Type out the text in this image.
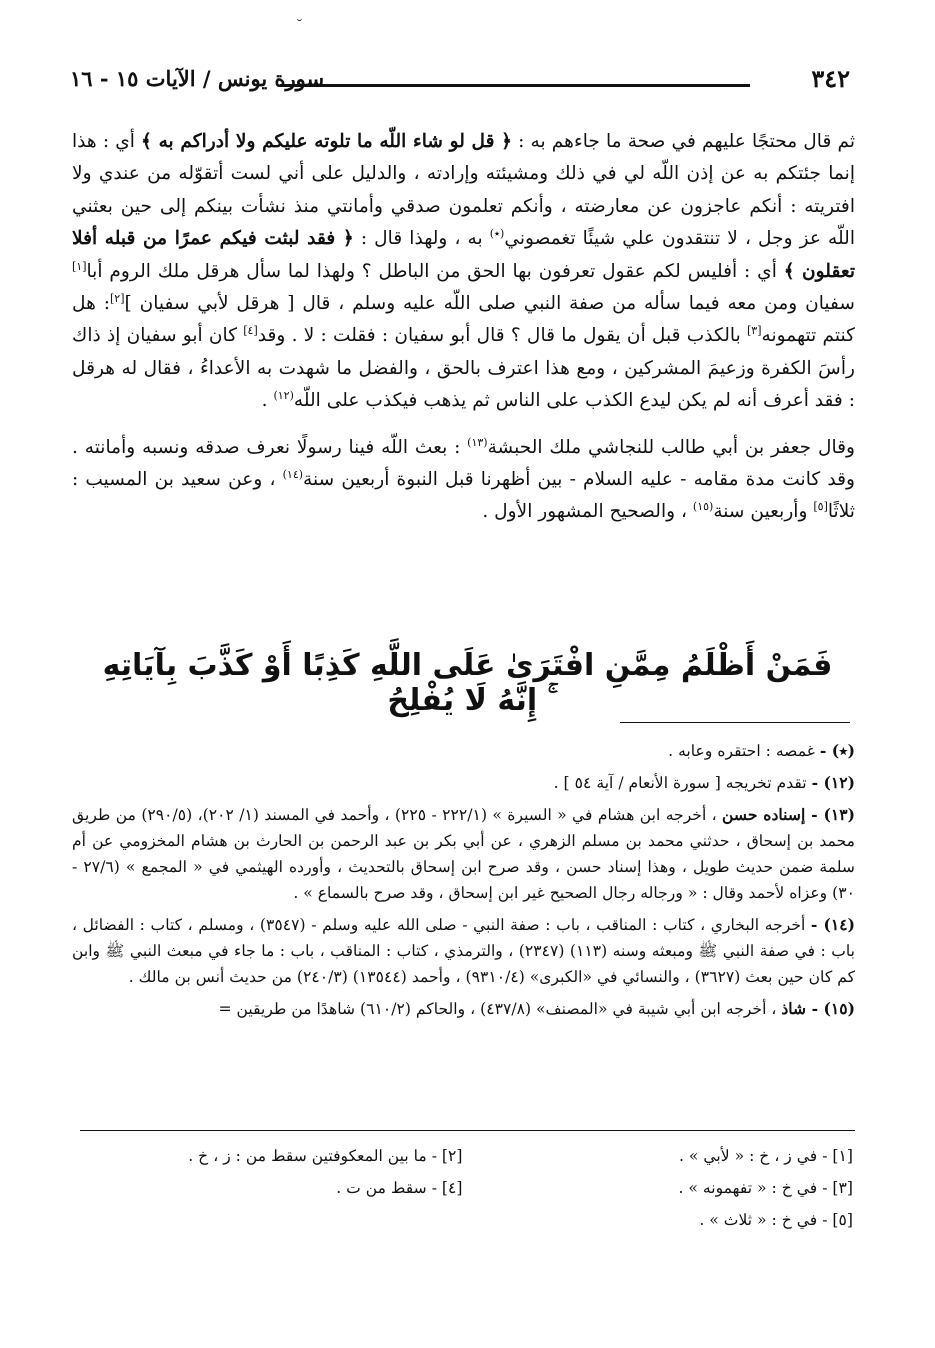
˘
٣٤٢
سورة يونس / الآيات ١٥ - ١٦

ثم قال محتجًا عليهم في صحة ما جاءهم به : ﴿ قل لو شاء اللّه ما تلوته عليكم ولا أدراكم به ﴾ أي : هذا إنما جئتكم به عن إذن اللّه لي في ذلك ومشيئته وإرادته ، والدليل على أني لست أتقوّله من عندي ولا افتريته : أنكم عاجزون عن معارضته ، وأنكم تعلمون صدقي وأمانتي منذ نشأت بينكم إلى حين بعثني اللّه عز وجل ، لا تنتقدون علي شيئًا تغمصوني(٭) به ، ولهذا قال : ﴿ فقد لبثت فيكم عمرًا من قبله أفلا تعقلون ﴾ أي : أفليس لكم عقول تعرفون بها الحق من الباطل ؟ ولهذا لما سأل هرقل ملك الروم أبا[١] سفيان ومن معه فيما سأله من صفة النبي صلى اللّه عليه وسلم ، قال [ هرقل لأبي سفيان ][٢]: هل كنتم تتهمونه[٣] بالكذب قبل أن يقول ما قال ؟ قال أبو سفيان : فقلت : لا . وقد[٤] كان أبو سفيان إذ ذاك رأسَ الكفرة وزعيمَ المشركين ، ومع هذا اعترف بالحق ، والفضل ما شهدت به الأعداءُ ، فقال له هرقل : فقد أعرف أنه لم يكن ليدع الكذب على الناس ثم يذهب فيكذب على اللّه$^{(١٢)}$ .

وقال جعفر بن أبي طالب للنجاشي ملك الحبشة$^{(١٣)}$ : بعث اللّه فينا رسولًا نعرف صدقه ونسبه وأمانته . وقد كانت مدة مقامه - عليه السلام - بين أظهرنا قبل النبوة أربعين سنة$^{(١٤)}$ ، وعن سعيد بن المسيب : ثلاثًا[٥] وأربعين سنة$^{(١٥)}$ ، والصحيح المشهور الأول .

فَمَنْ أَظْلَمُ مِمَّنِ افْتَرَىٰ عَلَى اللَّهِ كَذِبًا أَوْ كَذَّبَ بِآيَاتِهِ ۚ إِنَّهُ لَا يُفْلِحُ

(٭) - غمصه : احتقره وعابه .

(١٢) - تقدم تخريجه [ سورة الأنعام / آية ٥٤ ] .

(١٣) - إسناده حسن ، أخرجه ابن هشام في « السيرة » (٢٢٢/١ - ٢٢٥) ، وأحمد في المسند (١/ ٢٠٢)، (٢٩٠/٥) من طريق محمد بن إسحاق ، حدثني محمد بن مسلم الزهري ، عن أبي بكر بن عبد الرحمن بن الحارث بن هشام المخزومي عن أم سلمة ضمن حديث طويل ، وهذا إسناد حسن ، وقد صرح ابن إسحاق بالتحديث ، وأورده الهيثمي في « المجمع » (٢٧/٦ - ٣٠) وعزاه لأحمد وقال : « ورجاله رجال الصحيح غير ابن إسحاق ، وقد صرح بالسماع » .

(١٤) - أخرجه البخاري ، كتاب : المناقب ، باب : صفة النبي - صلى الله عليه وسلم - (٣٥٤٧) ، ومسلم ، كتاب : الفضائل ، باب : في صفة النبي ﷺ ومبعثه وسنه (١١٣) (٢٣٤٧) ، والترمذي ، كتاب : المناقب ، باب : ما جاء في مبعث النبي ﷺ وابن كم كان حين بعث (٣٦٢٧) ، والنسائي في «الكبرى» (٩٣١٠/٤) ، وأحمد (١٣٥٤٤) (٢٤٠/٣) من حديث أنس بن مالك .

(١٥) - شاذ ، أخرجه ابن أبي شيبة في «المصنف» (٤٣٧/٨) ، والحاكم (٦١٠/٢) شاهدًا من طريقين =

[١] - في ز ، خ : « لأبي » .
[٣] - في خ : « تفهمونه » .
[٥] - في خ : « ثلاث » .
[٢] - ما بين المعكوفتين سقط من : ز ، خ .
[٤] - سقط من ت .
